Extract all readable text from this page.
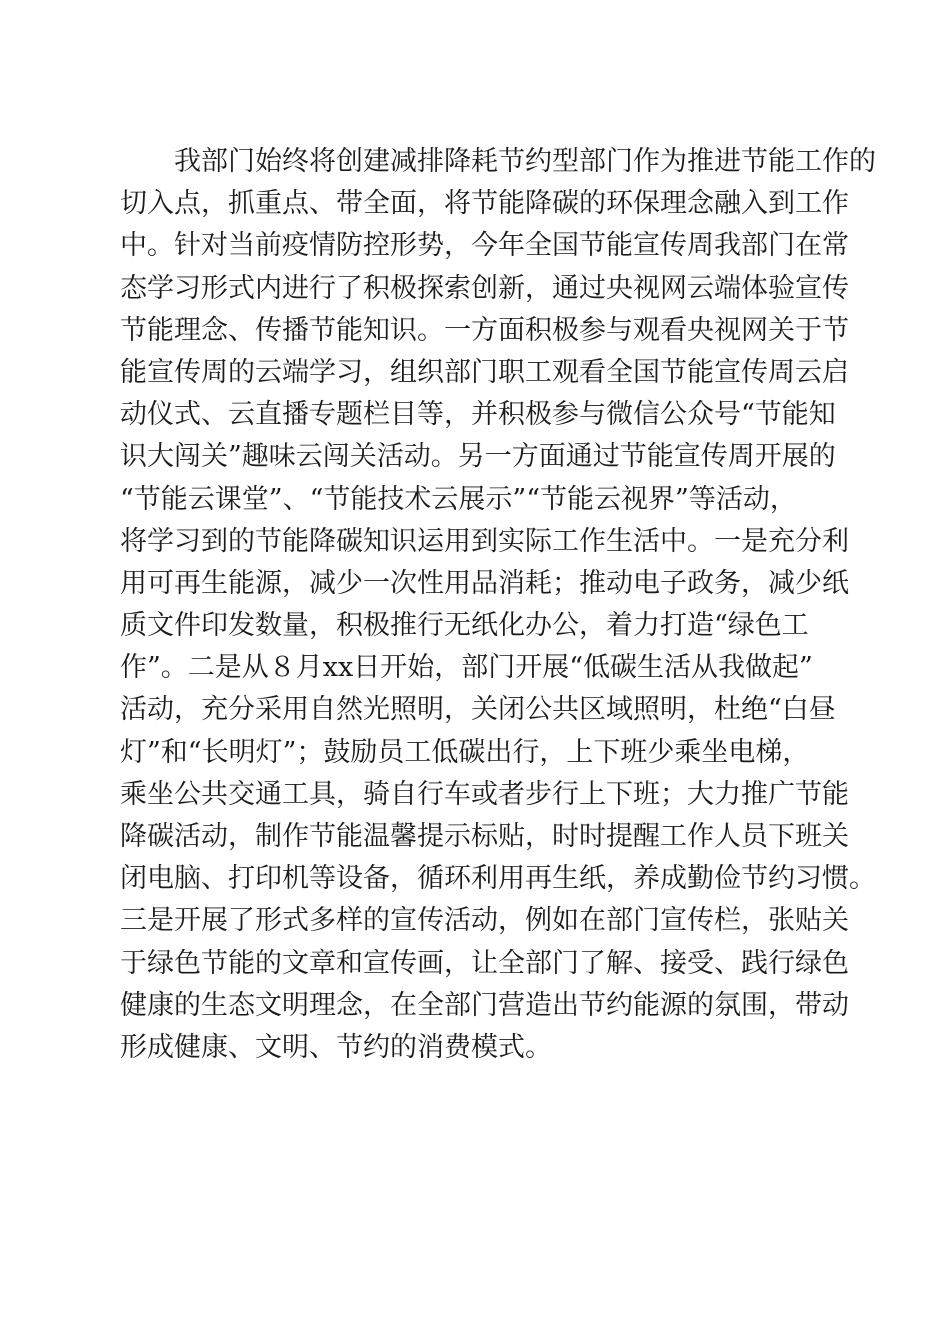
　　我部门始终将创建减排降耗节约型部门作为推进节能工作的
切入点，抓重点、带全面，将节能降碳的环保理念融入到工作
中。针对当前疫情防控形势，今年全国节能宣传周我部门在常
态学习形式内进行了积极探索创新，通过央视网云端体验宣传
节能理念、传播节能知识。一方面积极参与观看央视网关于节
能宣传周的云端学习，组织部门职工观看全国节能宣传周云启
动仪式、云直播专题栏目等，并积极参与微信公众号“节能知
识大闯关”趣味云闯关活动。另一方面通过节能宣传周开展的
“节能云课堂”、“节能技术云展示”“节能云视界”等活动，
将学习到的节能降碳知识运用到实际工作生活中。一是充分利
用可再生能源，减少一次性用品消耗；推动电子政务，减少纸
质文件印发数量，积极推行无纸化办公，着力打造“绿色工
作”。二是从８月xx日开始，部门开展“低碳生活从我做起”
活动，充分采用自然光照明，关闭公共区域照明，杜绝“白昼
灯”和“长明灯”；鼓励员工低碳出行，上下班少乘坐电梯，
乘坐公共交通工具，骑自行车或者步行上下班；大力推广节能
降碳活动，制作节能温馨提示标贴，时时提醒工作人员下班关
闭电脑、打印机等设备，循环利用再生纸，养成勤俭节约习惯。
三是开展了形式多样的宣传活动，例如在部门宣传栏，张贴关
于绿色节能的文章和宣传画，让全部门了解、接受、践行绿色
健康的生态文明理念，在全部门营造出节约能源的氛围，带动
形成健康、文明、节约的消费模式。
